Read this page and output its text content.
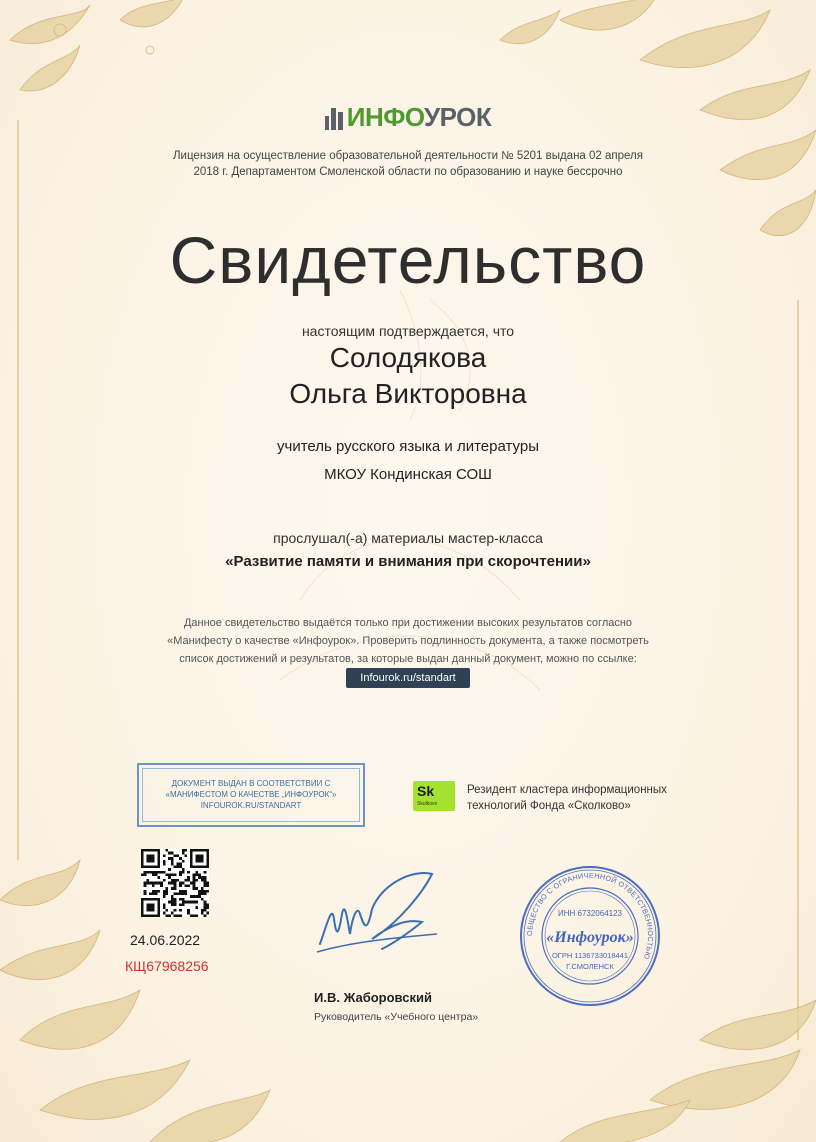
ИНФОУРОК
Лицензия на осуществление образовательной деятельности № 5201 выдана 02 апреля
2018 г. Департаментом Смоленской области по образованию и науке бессрочно
Свидетельство
настоящим подтверждается, что
Солодякова
Ольга Викторовна
учитель русского языка и литературы
МКОУ Кондинская СОШ
прослушал(-а) материалы мастер-класса
«Развитие памяти и внимания при скорочтении»
Данное свидетельство выдаётся только при достижении высоких результатов согласно
«Манифесту о качестве «Инфоурок». Проверить подлинность документа, а также посмотреть
список достижений и результатов, за которые выдан данный документ, можно по ссылке:
Infourok.ru/standart
ДОКУМЕНТ ВЫДАН В СООТВЕТСТВИИ С
«МАНИФЕСТОМ О КАЧЕСТВЕ „ИНФОУРОК“»
INFOUROK.RU/STANDART
Sk
Skolkovo
Резидент кластера информационных
технологий Фонда «Сколково»
24.06.2022
КЩ67968256
И.В. Жаборовский
Руководитель «Учебного центра»
ОБЩЕСТВО С ОГРАНИЧЕННОЙ ОТВЕТСТВЕННОСТЬЮ
ИНН 6732064123
«Инфоурок»
ОГРН 1136733018441
Г.СМОЛЕНСК
